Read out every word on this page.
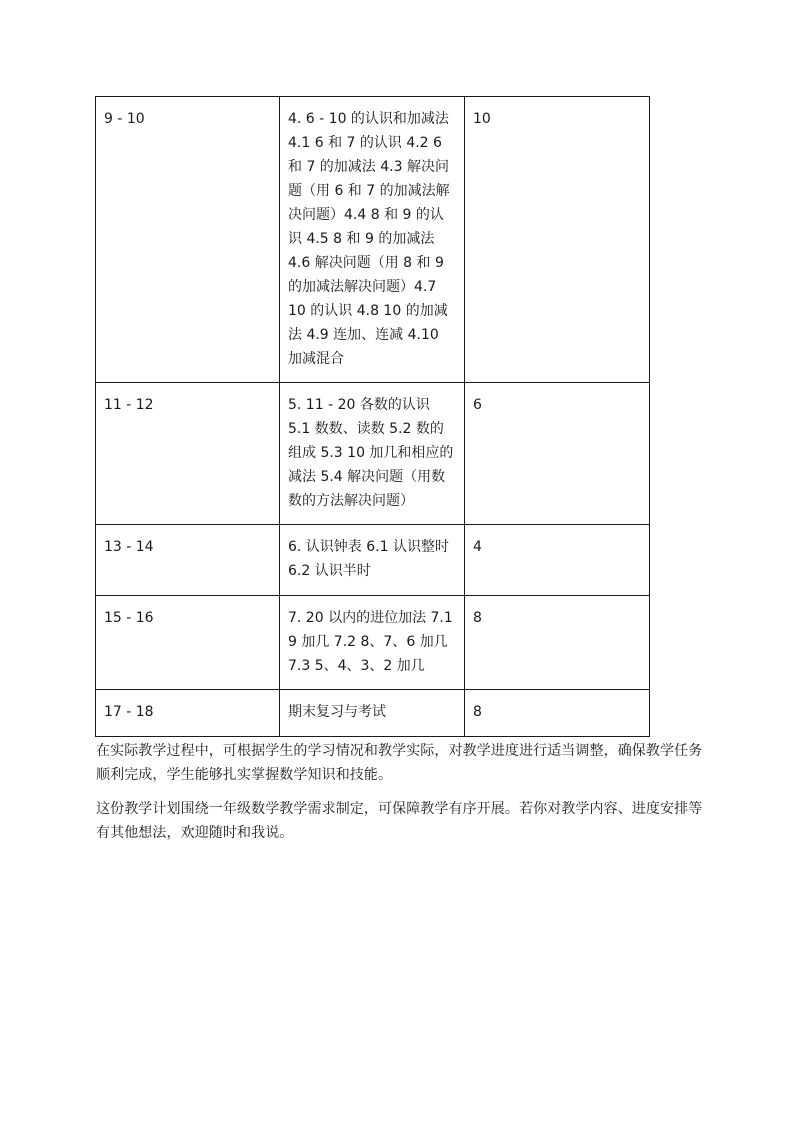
9 - 10	4. 6 - 10 的认识和加减法 4.1 6 和 7 的认识 4.2 6 和 7 的加减法 4.3 解决问题（用 6 和 7 的加减法解决问题）4.4 8 和 9 的认识 4.5 8 和 9 的加减法 4.6 解决问题（用 8 和 9 的加减法解决问题）4.7 10 的认识 4.8 10 的加减法 4.9 连加、连减 4.10 加减混合	10
11 - 12	5. 11 - 20 各数的认识 5.1 数数、读数 5.2 数的组成 5.3 10 加几和相应的减法 5.4 解决问题（用数数的方法解决问题）	6
13 - 14	6. 认识钟表 6.1 认识整时 6.2 认识半时	4
15 - 16	7. 20 以内的进位加法 7.1 9 加几 7.2 8、7、6 加几 7.3 5、4、3、2 加几	8
17 - 18	期末复习与考试	8

在实际教学过程中，可根据学生的学习情况和教学实际，对教学进度进行适当调整，确保教学任务顺利完成，学生能够扎实掌握数学知识和技能。

这份教学计划围绕一年级数学教学需求制定，可保障教学有序开展。若你对教学内容、进度安排等有其他想法，欢迎随时和我说。
